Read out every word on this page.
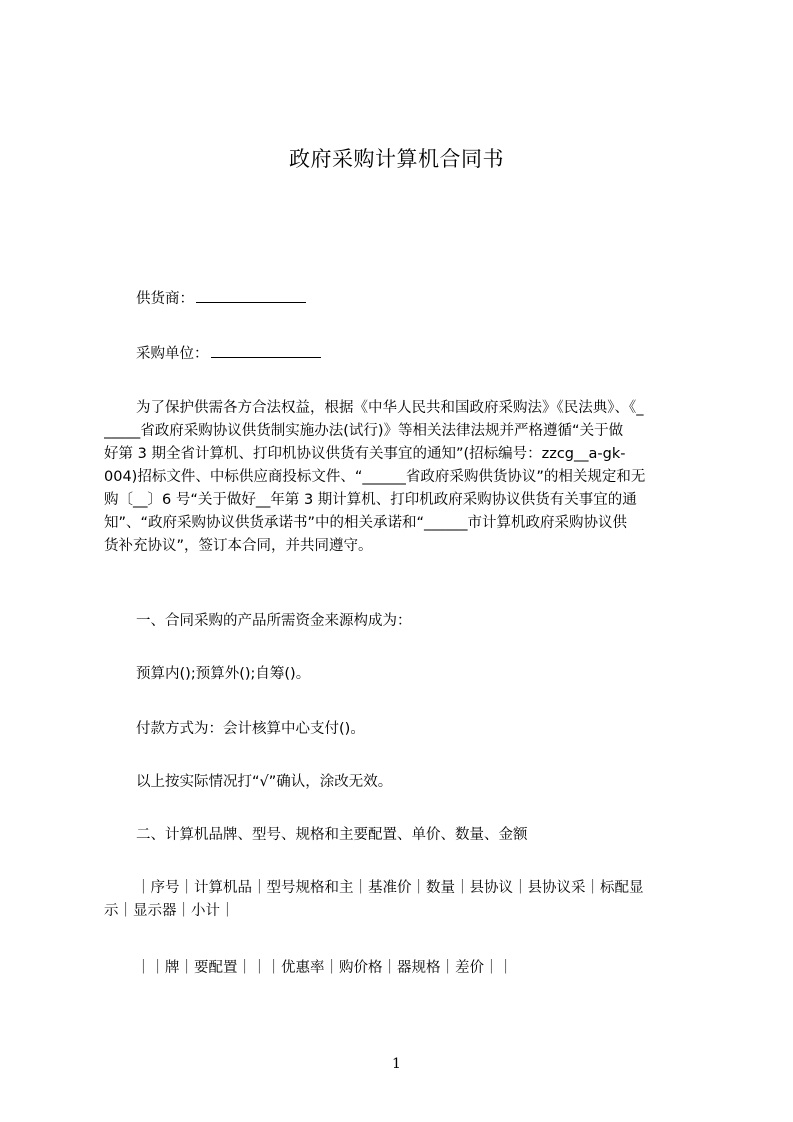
政府采购计算机合同书
供货商：
采购单位：
为了保护供需各方合法权益，根据《中华人民共和国政府采购法》《民法典》、《_
_____省政府采购协议供货制实施办法(试行)》等相关法律法规并严格遵循“关于做
好第 3 期全省计算机、打印机协议供货有关事宜的通知”(招标编号：zzcg__a-gk-
004)招标文件、中标供应商投标文件、“______省政府采购供货协议”的相关规定和无
购〔__〕6 号“关于做好__年第 3 期计算机、打印机政府采购协议供货有关事宜的通
知”、“政府采购协议供货承诺书”中的相关承诺和“______市计算机政府采购协议供
货补充协议”，签订本合同，并共同遵守。
一、合同采购的产品所需资金来源构成为：
预算内();预算外();自筹()。
付款方式为：会计核算中心支付()。
以上按实际情况打“√”确认，涂改无效。
二、计算机品牌、型号、规格和主要配置、单价、数量、金额
｜序号｜计算机品｜型号规格和主｜基准价｜数量｜县协议｜县协议采｜标配显
示｜显示器｜小计｜
｜｜牌｜要配置｜｜｜优惠率｜购价格｜器规格｜差价｜｜
1
